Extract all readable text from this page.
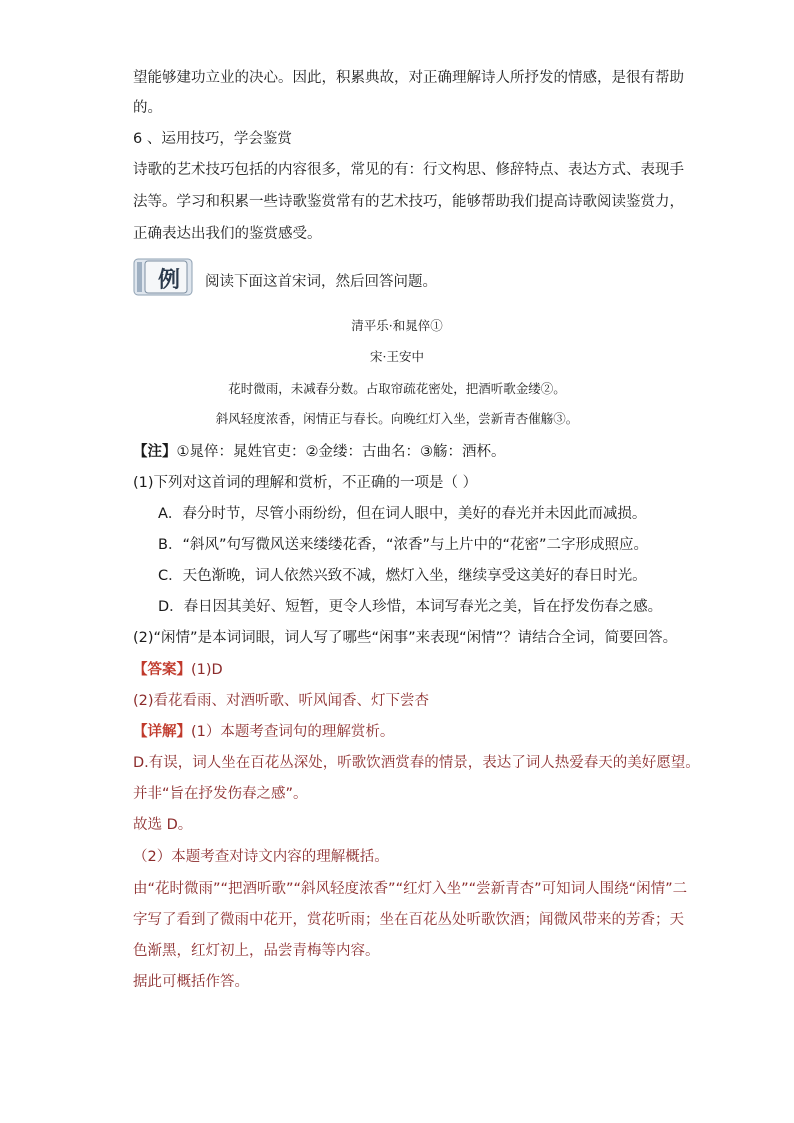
望能够建功立业的决心。因此，积累典故，对正确理解诗人所抒发的情感，是很有帮助
的。
6 、运用技巧，学会鉴赏
诗歌的艺术技巧包括的内容很多，常见的有：行文构思、修辞特点、表达方式、表现手
法等。学习和积累一些诗歌鉴赏常有的艺术技巧，能够帮助我们提高诗歌阅读鉴赏力，
正确表达出我们的鉴赏感受。
例 阅读下面这首宋词，然后回答问题。
清平乐·和晁倅①
宋·王安中
花时微雨，未减春分数。占取帘疏花密处，把酒听歌金缕②。
斜风轻度浓香，闲情正与春长。向晚红灯入坐，尝新青杏催觞③。
【注】①晁倅：晁姓官吏：②金缕：古曲名：③觞：酒杯。
(1)下列对这首词的理解和赏析，不正确的一项是（ ）
A．春分时节，尽管小雨纷纷，但在词人眼中，美好的春光并未因此而减损。
B．“斜风”句写微风送来缕缕花香，“浓香”与上片中的“花密”二字形成照应。
C．天色渐晚，词人依然兴致不减，燃灯入坐，继续享受这美好的春日时光。
D．春日因其美好、短暂，更令人珍惜，本词写春光之美，旨在抒发伤春之感。
(2)“闲情”是本词词眼，词人写了哪些“闲事”来表现“闲情”？请结合全词，简要回答。
【答案】(1)D
(2)看花看雨、对酒听歌、听风闻香、灯下尝杏
【详解】(1）本题考查词句的理解赏析。
D.有误，词人坐在百花丛深处，听歌饮酒赏春的情景，表达了词人热爱春天的美好愿望。
并非“旨在抒发伤春之感”。
故选 D。
（2）本题考查对诗文内容的理解概括。
由“花时微雨”“把酒听歌”“斜风轻度浓香”“红灯入坐”“尝新青杏”可知词人围绕“闲情”二
字写了看到了微雨中花开，赏花听雨；坐在百花丛处听歌饮酒；闻微风带来的芳香；天
色渐黑，红灯初上，品尝青梅等内容。
据此可概括作答。
